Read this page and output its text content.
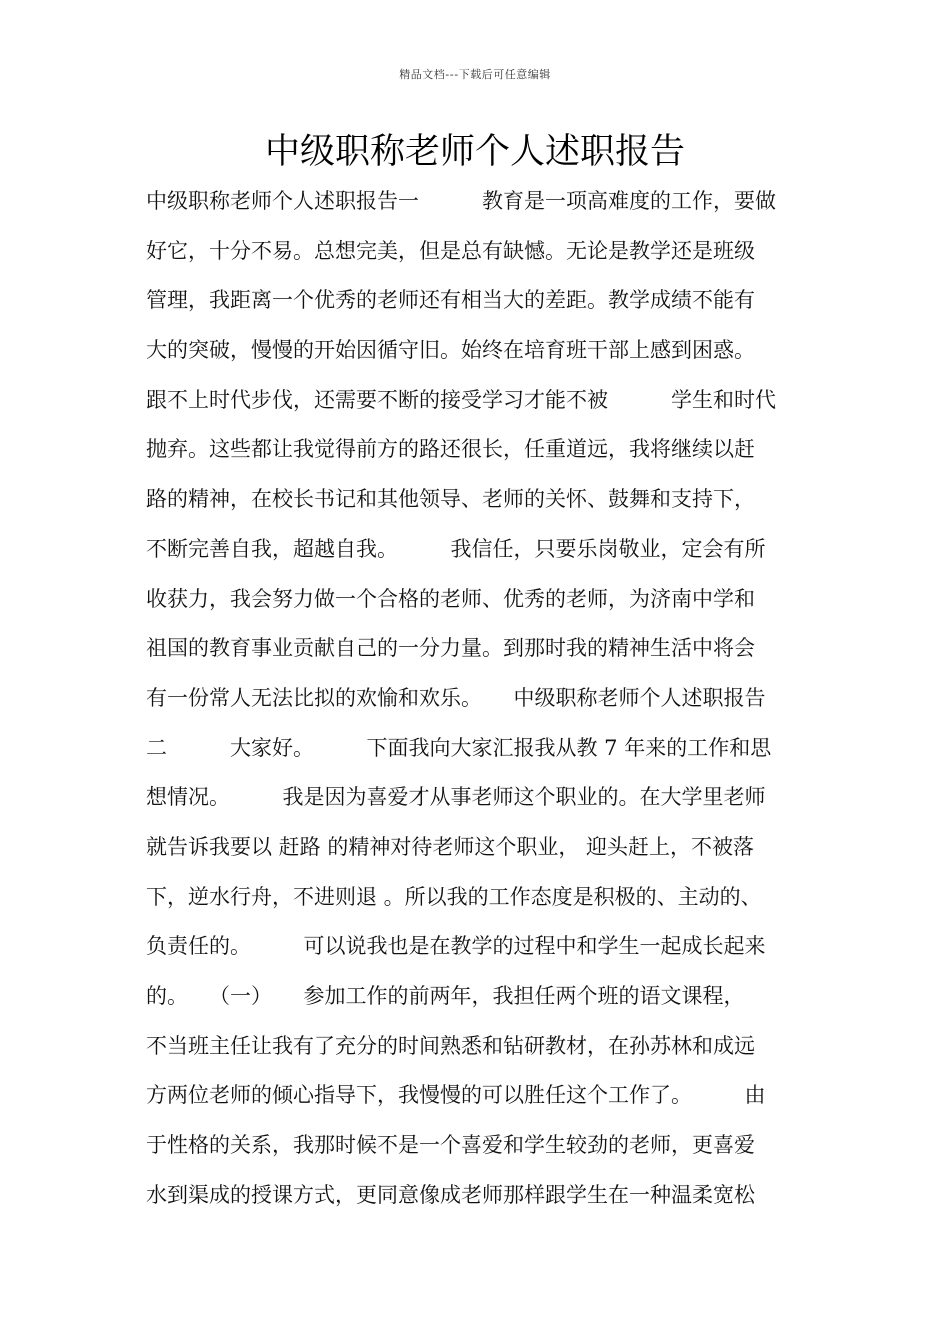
精品文档---下载后可任意编辑
中级职称老师个人述职报告
中级职称老师个人述职报告一　　　教育是一项高难度的工作，要做
好它，十分不易。总想完美，但是总有缺憾。无论是教学还是班级
管理，我距离一个优秀的老师还有相当大的差距。教学成绩不能有
大的突破，慢慢的开始因循守旧。始终在培育班干部上感到困惑。
跟不上时代步伐，还需要不断的接受学习才能不被　　　学生和时代
抛弃。这些都让我觉得前方的路还很长，任重道远，我将继续以赶
路的精神，在校长书记和其他领导、老师的关怀、鼓舞和支持下，
不断完善自我，超越自我。　　　我信任，只要乐岗敬业，定会有所
收获力，我会努力做一个合格的老师、优秀的老师，为济南中学和
祖国的教育事业贡献自己的一分力量。到那时我的精神生活中将会
有一份常人无法比拟的欢愉和欢乐。　　中级职称老师个人述职报告
二　　　大家好。　　　下面我向大家汇报我从教 7 年来的工作和思
想情况。　　　我是因为喜爱才从事老师这个职业的。在大学里老师
就告诉我要以 赶路 的精神对待老师这个职业， 迎头赶上，不被落
下，逆水行舟，不进则退 。所以我的工作态度是积极的、主动的、
负责任的。　　　可以说我也是在教学的过程中和学生一起成长起来
的。　　（一）　　参加工作的前两年，我担任两个班的语文课程，
不当班主任让我有了充分的时间熟悉和钻研教材，在孙苏林和成远
方两位老师的倾心指导下，我慢慢的可以胜任这个工作了。　　　由
于性格的关系，我那时候不是一个喜爱和学生较劲的老师，更喜爱
水到渠成的授课方式，更同意像成老师那样跟学生在一种温柔宽松
